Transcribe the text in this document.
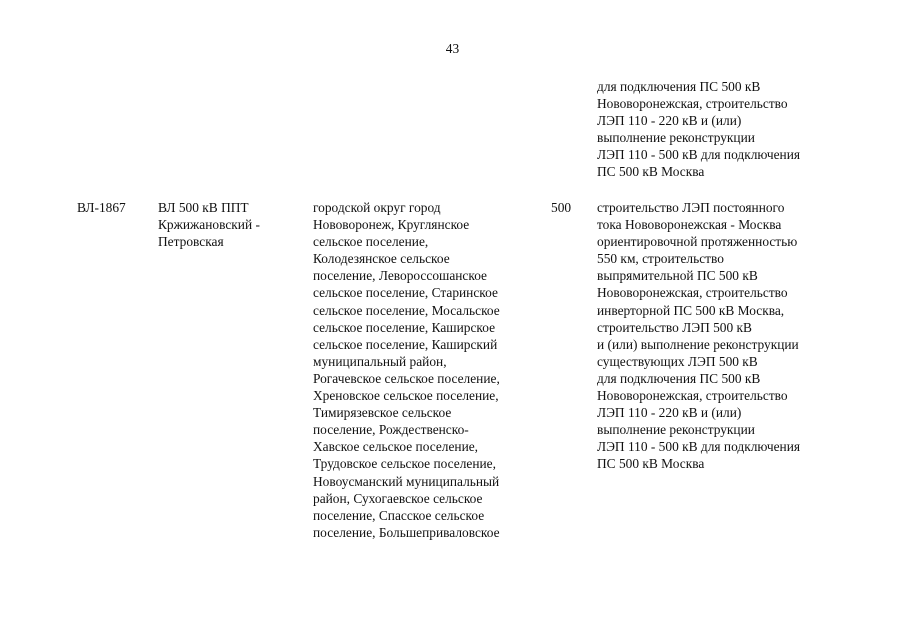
43
для подключения ПС 500 кВ
Нововоронежская, строительство
ЛЭП 110 - 220 кВ и (или)
выполнение реконструкции
ЛЭП 110 - 500 кВ для подключения
ПС 500 кВ Москва
ВЛ-1867 ВЛ 500 кВ ППТ
Кржижановский -
Петровская
городской округ город
Нововоронеж, Круглянское
сельское поселение,
Колодезянское сельское
поселение, Левороссошанское
сельское поселение, Старинское
сельское поселение, Мосальское
сельское поселение, Каширское
сельское поселение, Каширский
муниципальный район,
Рогачевское сельское поселение,
Хреновское сельское поселение,
Тимирязевское сельское
поселение, Рождественско-
Хавское сельское поселение,
Трудовское сельское поселение,
Новоусманский муниципальный
район, Сухогаевское сельское
поселение, Спасское сельское
поселение, Большеприваловское
500 строительство ЛЭП постоянного
тока Нововоронежская - Москва
ориентировочной протяженностью
550 км, строительство
выпрямительной ПС 500 кВ
Нововоронежская, строительство
инверторной ПС 500 кВ Москва,
строительство ЛЭП 500 кВ
и (или) выполнение реконструкции
существующих ЛЭП 500 кВ
для подключения ПС 500 кВ
Нововоронежская, строительство
ЛЭП 110 - 220 кВ и (или)
выполнение реконструкции
ЛЭП 110 - 500 кВ для подключения
ПС 500 кВ Москва
